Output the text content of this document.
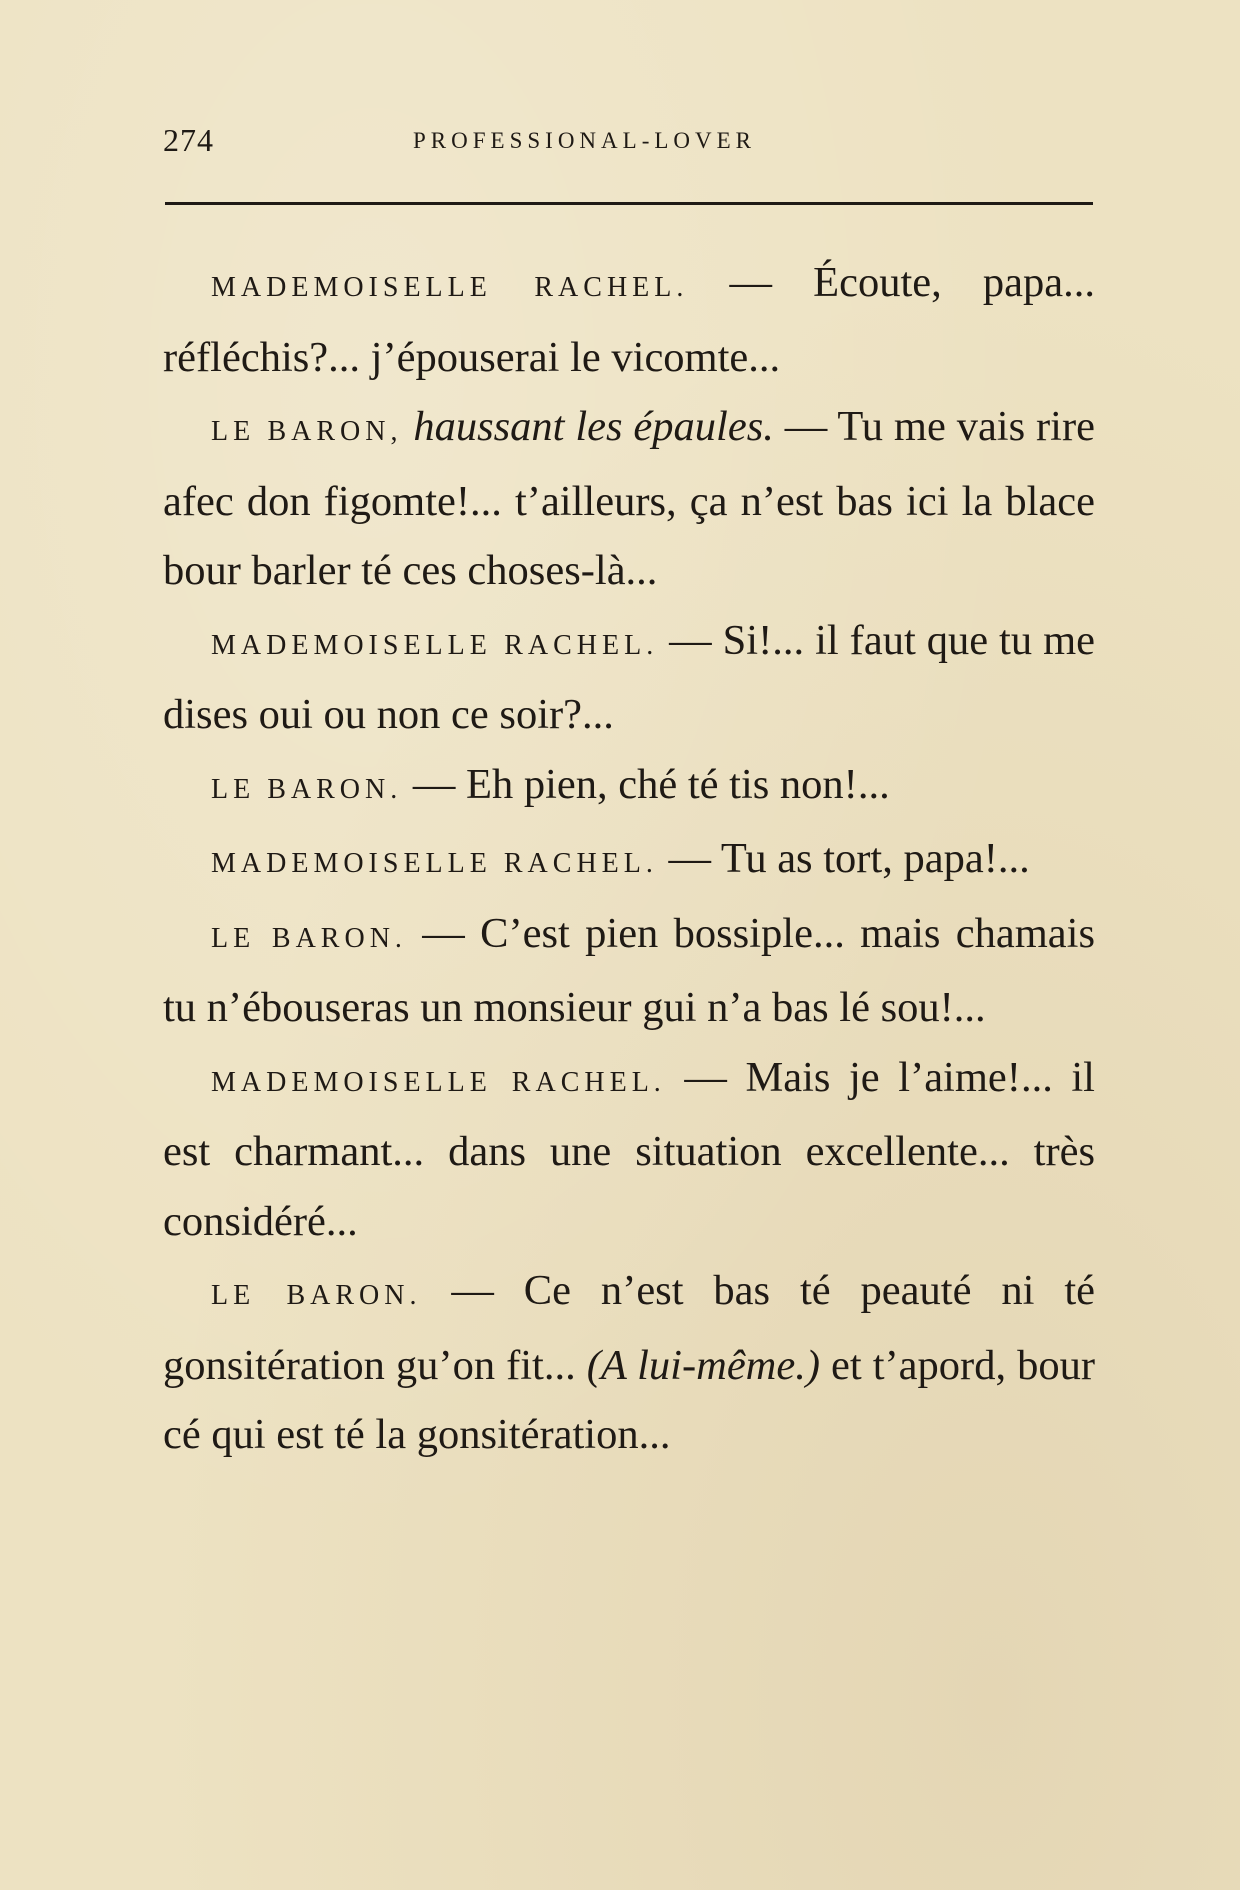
274	PROFESSIONAL-LOVER

MADEMOISELLE RACHEL. — Écoute, papa... réfléchis?... j’épouserai le vicomte...

LE BARON, haussant les épaules. — Tu me vais rire afec don figomte!... t’ailleurs, ça n’est bas ici la blace bour barler té ces choses-là...

MADEMOISELLE RACHEL. — Si!... il faut que tu me dises oui ou non ce soir?...

LE BARON. — Eh pien, ché té tis non!...

MADEMOISELLE RACHEL. — Tu as tort, papa!...

LE BARON. — C’est pien bossiple... mais chamais tu n’ébouseras un monsieur gui n’a bas lé sou!...

MADEMOISELLE RACHEL. — Mais je l’aime!... il est charmant... dans une situation excellente... très considéré...

LE BARON. — Ce n’est bas té peauté ni té gonsitération gu’on fit... (A lui-même.) et t’apord, bour cé qui est té la gonsitération...
